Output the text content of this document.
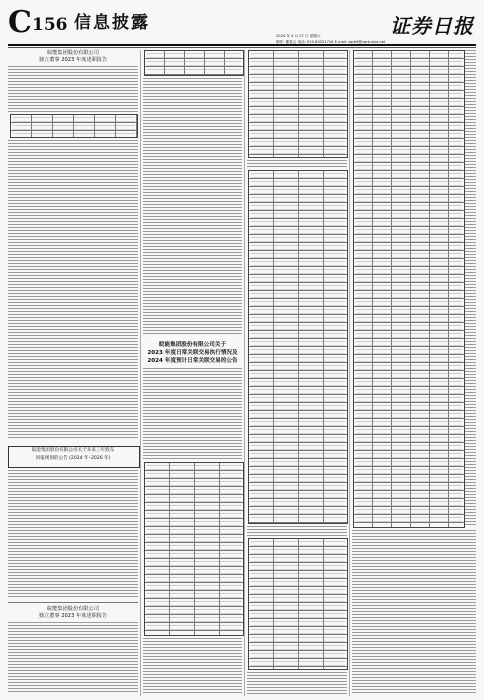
C 156 信息披露
2024 年 4 月 27 日 星期六
制作: 董春云 电话: 010-83251716 E-mail: zqrb9@zqrb.sina.net
证券日报
皖能集团股份有限公司
独立董事 2023 年度述职报告
皖能集团股份有限公司关于未来三年股东
回报规划的公告 (2024 年–2026 年)
皖能集团股份有限公司
独立董事 2023 年度述职报告
皖能集团股份有限公司关于
2023 年度日常关联交易执行情况及
2024 年度预计日常关联交易的公告
